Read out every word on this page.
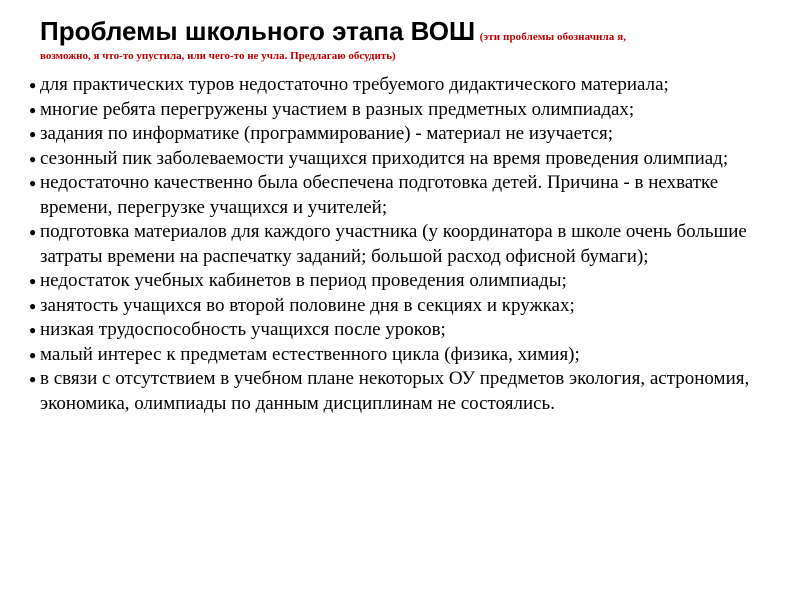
Проблемы школьного этапа ВОШ (эти проблемы обозначила я,
возможно, я что-то упустила, или чего-то не учла. Предлагаю обсудить)
● для практических туров недостаточно требуемого дидактического материала;
● многие ребята перегружены участием в разных предметных олимпиадах;
● задания по информатике (программирование) - материал не изучается;
● сезонный пик заболеваемости учащихся приходится на время проведения олимпиад;
● недостаточно качественно была обеспечена подготовка детей. Причина - в нехватке времени, перегрузке учащихся и учителей;
● подготовка материалов для каждого участника (у координатора в школе очень большие затраты времени на распечатку заданий; большой расход офисной бумаги);
● недостаток учебных кабинетов в период проведения олимпиады;
● занятость учащихся во второй половине дня в секциях и кружках;
● низкая трудоспособность учащихся после уроков;
● малый интерес к предметам естественного цикла (физика, химия);
● в связи с отсутствием в учебном плане некоторых ОУ предметов экология, астрономия, экономика, олимпиады по данным дисциплинам не состоялись.
